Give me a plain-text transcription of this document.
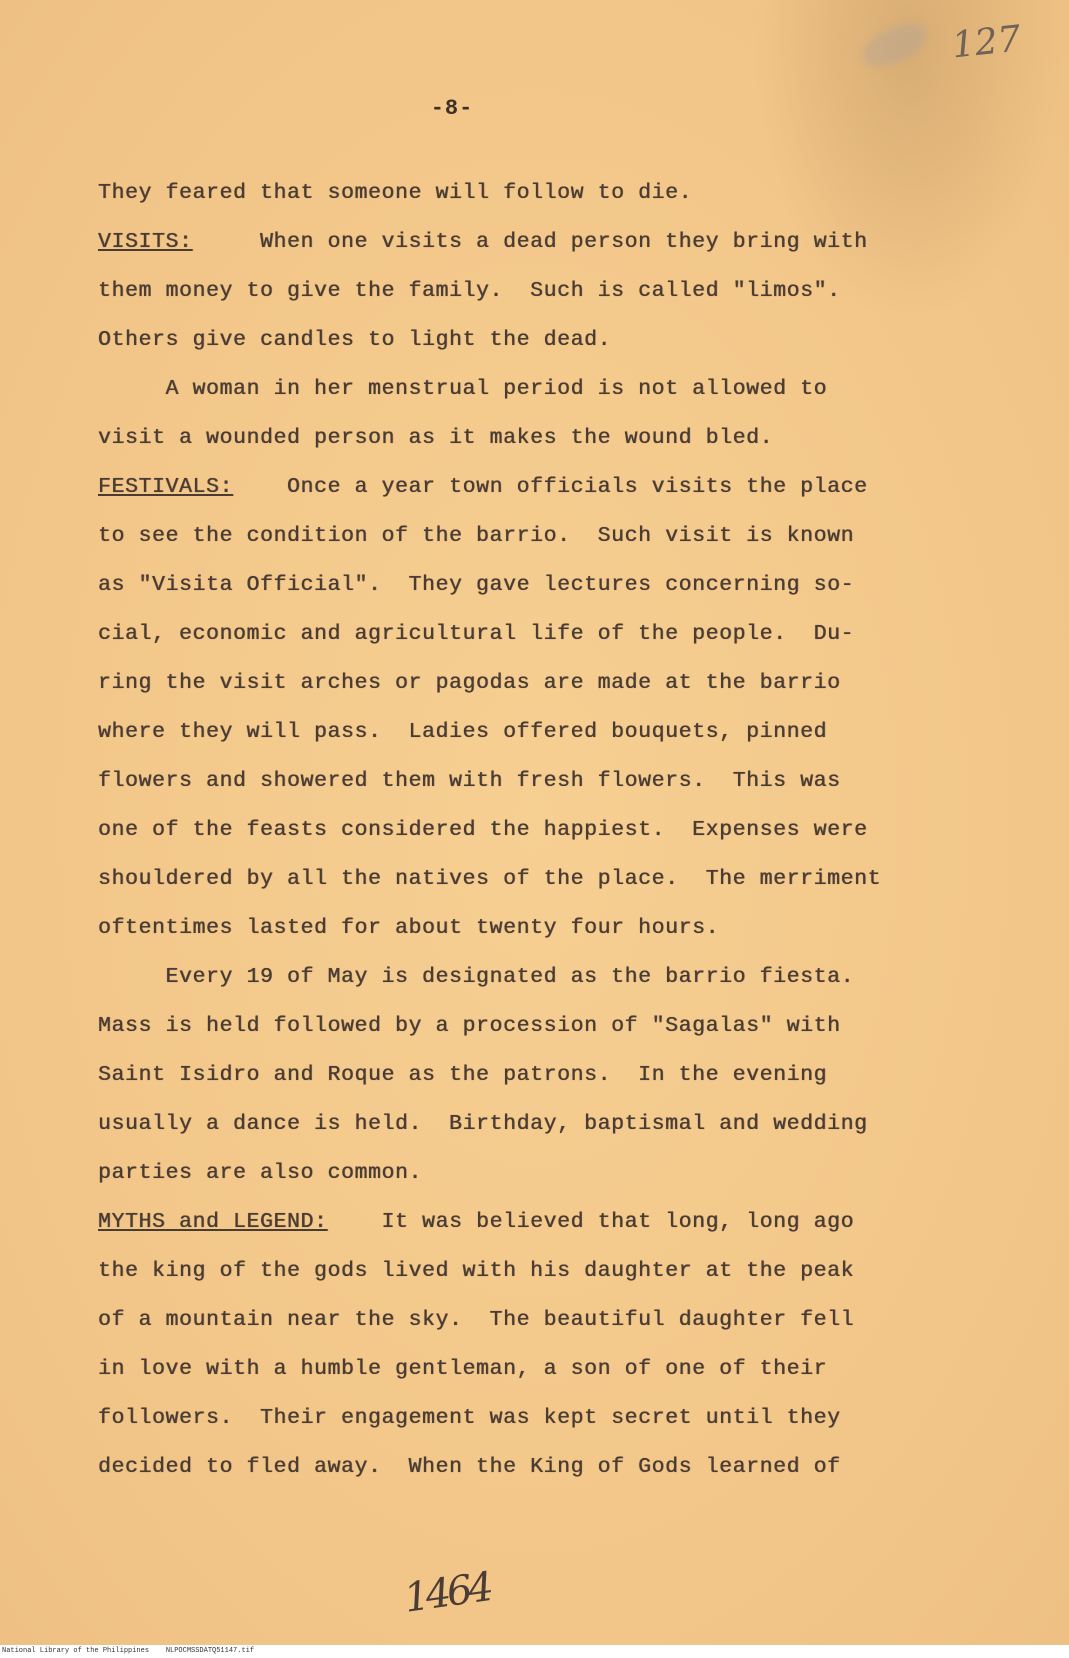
127
-8-
They feared that someone will follow to die.
VISITS:     When one visits a dead person they bring with
them money to give the family.  Such is called "limos".
Others give candles to light the dead.
A woman in her menstrual period is not allowed to
visit a wounded person as it makes the wound bled.
FESTIVALS:    Once a year town officials visits the place
to see the condition of the barrio.  Such visit is known
as "Visita Official".  They gave lectures concerning so-
cial, economic and agricultural life of the people.  Du-
ring the visit arches or pagodas are made at the barrio
where they will pass.  Ladies offered bouquets, pinned
flowers and showered them with fresh flowers.  This was
one of the feasts considered the happiest.  Expenses were
shouldered by all the natives of the place.  The merriment
oftentimes lasted for about twenty four hours.
Every 19 of May is designated as the barrio fiesta.
Mass is held followed by a procession of "Sagalas" with
Saint Isidro and Roque as the patrons.  In the evening
usually a dance is held.  Birthday, baptismal and wedding
parties are also common.
MYTHS and LEGEND:    It was believed that long, long ago
the king of the gods lived with his daughter at the peak
of a mountain near the sky.  The beautiful daughter fell
in love with a humble gentleman, a son of one of their
followers.  Their engagement was kept secret until they
decided to fled away.  When the King of Gods learned of
1464
National Library of the Philippines    NLPOCMSSDATQ51147.tif
